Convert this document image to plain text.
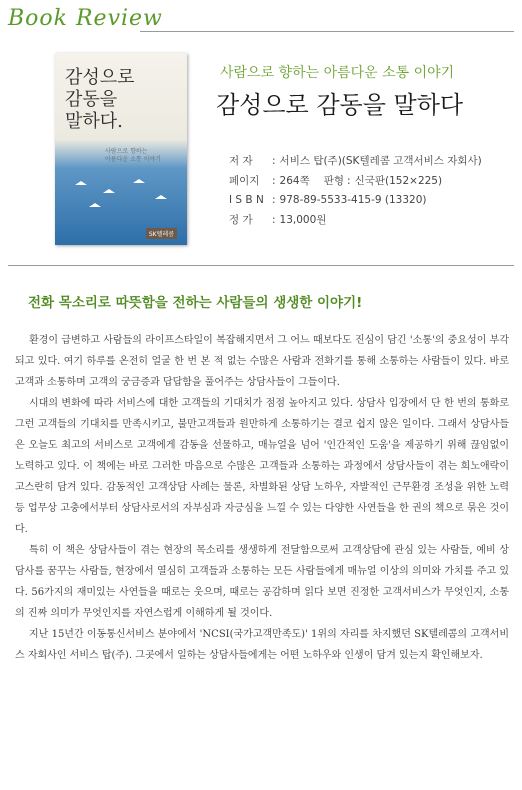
Book Review
감성으로
감동을
말하다.
사람으로 향하는
아름다운 소통 이야기
SK텔레콤
사람으로 향하는 아름다운 소통 이야기
감성으로 감동을 말하다
저 자	: 서비스 탑(주)(SK텔레콤 고객서비스 자회사)
페이지	: 264쪽 판형 : 신국판(152×225)
I S B N : 978-89-5533-415-9 (13320)
정 가	: 13,000원
전화 목소리로 따뜻함을 전하는 사람들의 생생한 이야기!

환경이 급변하고 사람들의 라이프스타일이 복잡해지면서 그 어느 때보다도 진심이 담긴 '소통'의 중요성이 부각되고 있다. 여기 하루를 온전히 얼굴 한 번 본 적 없는 수많은 사람과 전화기를 통해 소통하는 사람들이 있다. 바로 고객과 소통하며 고객의 궁금증과 답답함을 풀어주는 상담사들이 그들이다.

시대의 변화에 따라 서비스에 대한 고객들의 기대치가 점점 높아지고 있다. 상담사 입장에서 단 한 번의 통화로 그런 고객들의 기대치를 만족시키고, 불만고객들과 원만하게 소통하기는 결코 쉽지 않은 일이다. 그래서 상담사들은 오늘도 최고의 서비스로 고객에게 감동을 선물하고, 매뉴얼을 넘어 '인간적인 도움'을 제공하기 위해 끊임없이 노력하고 있다. 이 책에는 바로 그러한 마음으로 수많은 고객들과 소통하는 과정에서 상담사들이 겪는 희노애락이 고스란히 담겨 있다. 감동적인 고객상담 사례는 물론, 차별화된 상담 노하우, 자발적인 근무환경 조성을 위한 노력 등 업무상 고충에서부터 상담사로서의 자부심과 자긍심을 느낄 수 있는 다양한 사연들을 한 권의 책으로 묶은 것이다.

특히 이 책은 상담사들이 겪는 현장의 목소리를 생생하게 전달함으로써 고객상담에 관심 있는 사람들, 예비 상담사를 꿈꾸는 사람들, 현장에서 열심히 고객들과 소통하는 모든 사람들에게 매뉴얼 이상의 의미와 가치를 주고 있다. 56가지의 재미있는 사연들을 때로는 웃으며, 때로는 공감하며 읽다 보면 진정한 고객서비스가 무엇인지, 소통의 진짜 의미가 무엇인지를 자연스럽게 이해하게 될 것이다.

지난 15년간 이동통신서비스 분야에서 'NCSI(국가고객만족도)' 1위의 자리를 차지했던 SK텔레콤의 고객서비스 자회사인 서비스 탑(주). 그곳에서 일하는 상담사들에게는 어떤 노하우와 인생이 담겨 있는지 확인해보자.
